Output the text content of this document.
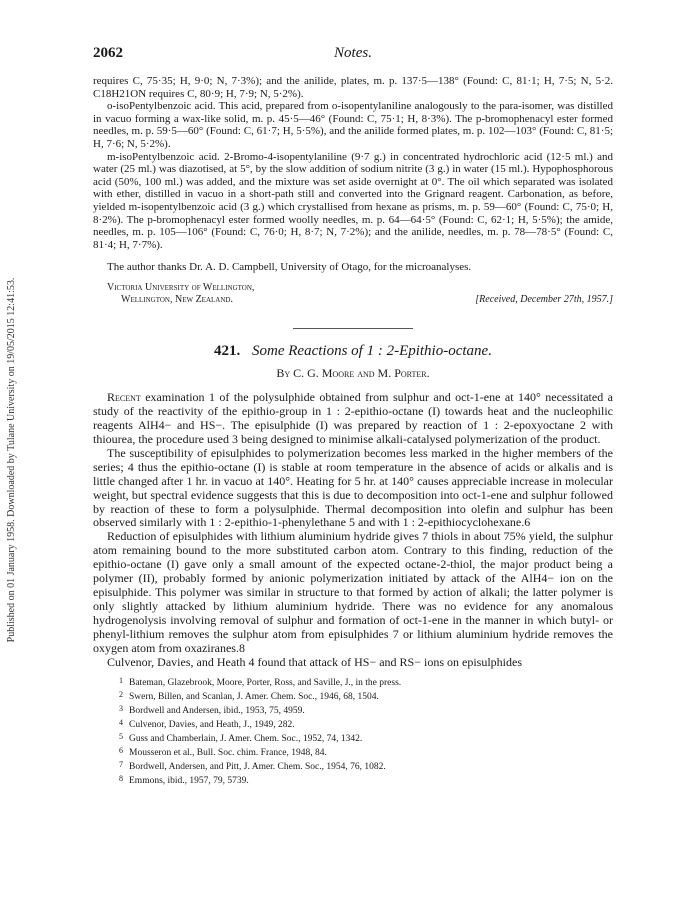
Published on 01 January 1958. Downloaded by Tulane University on 19/05/2015 12:41:53.
2062	Notes.

requires C, 75·35; H, 9·0; N, 7·3%); and the anilide, plates, m. p. 137·5—138° (Found: C, 81·1; H, 7·5; N, 5·2. C18H21ON requires C, 80·9; H, 7·9; N, 5·2%).

o-isoPentylbenzoic acid. This acid, prepared from o-isopentylaniline analogously to the para-isomer, was distilled in vacuo forming a wax-like solid, m. p. 45·5—46° (Found: C, 75·1; H, 8·3%). The p-bromophenacyl ester formed needles, m. p. 59·5—60° (Found: C, 61·7; H, 5·5%), and the anilide formed plates, m. p. 102—103° (Found: C, 81·5; H, 7·6; N, 5·2%).

m-isoPentylbenzoic acid. 2-Bromo-4-isopentylaniline (9·7 g.) in concentrated hydrochloric acid (12·5 ml.) and water (25 ml.) was diazotised, at 5°, by the slow addition of sodium nitrite (3 g.) in water (15 ml.). Hypophosphorous acid (50%, 100 ml.) was added, and the mixture was set aside overnight at 0°. The oil which separated was isolated with ether, distilled in vacuo in a short-path still and converted into the Grignard reagent. Carbonation, as before, yielded m-isopentylbenzoic acid (3 g.) which crystallised from hexane as prisms, m. p. 59—60° (Found: C, 75·0; H, 8·2%). The p-bromophenacyl ester formed woolly needles, m. p. 64—64·5° (Found: C, 62·1; H, 5·5%); the amide, needles, m. p. 105—106° (Found: C, 76·0; H, 8·7; N, 7·2%); and the anilide, needles, m. p. 78—78·5° (Found: C, 81·4; H, 7·7%).

The author thanks Dr. A. D. Campbell, University of Otago, for the microanalyses.
Victoria University of Wellington,
Wellington, New Zealand.	[Received, December 27th, 1957.]
421. Some Reactions of 1 : 2-Epithio-octane.
By C. G. Moore and M. Porter.

Recent examination 1 of the polysulphide obtained from sulphur and oct-1-ene at 140° necessitated a study of the reactivity of the epithio-group in 1 : 2-epithio-octane (I) towards heat and the nucleophilic reagents AlH4− and HS−. The episulphide (I) was prepared by reaction of 1 : 2-epoxyoctane 2 with thiourea, the procedure used 3 being designed to minimise alkali-catalysed polymerization of the product.

The susceptibility of episulphides to polymerization becomes less marked in the higher members of the series; 4 thus the epithio-octane (I) is stable at room temperature in the absence of acids or alkalis and is little changed after 1 hr. in vacuo at 140°. Heating for 5 hr. at 140° causes appreciable increase in molecular weight, but spectral evidence suggests that this is due to decomposition into oct-1-ene and sulphur followed by reaction of these to form a polysulphide. Thermal decomposition into olefin and sulphur has been observed similarly with 1 : 2-epithio-1-phenylethane 5 and with 1 : 2-epithiocyclohexane.6

Reduction of episulphides with lithium aluminium hydride gives 7 thiols in about 75% yield, the sulphur atom remaining bound to the more substituted carbon atom. Contrary to this finding, reduction of the epithio-octane (I) gave only a small amount of the expected octane-2-thiol, the major product being a polymer (II), probably formed by anionic polymerization initiated by attack of the AlH4− ion on the episulphide. This polymer was similar in structure to that formed by action of alkali; the latter polymer is only slightly attacked by lithium aluminium hydride. There was no evidence for any anomalous hydrogenolysis involving removal of sulphur and formation of oct-1-ene in the manner in which butyl- or phenyl-lithium removes the sulphur atom from episulphides 7 or lithium aluminium hydride removes the oxygen atom from oxaziranes.8

Culvenor, Davies, and Heath 4 found that attack of HS− and RS− ions on episulphides

1 Bateman, Glazebrook, Moore, Porter, Ross, and Saville, J., in the press.
2 Swern, Billen, and Scanlan, J. Amer. Chem. Soc., 1946, 68, 1504.
3 Bordwell and Andersen, ibid., 1953, 75, 4959.
4 Culvenor, Davies, and Heath, J., 1949, 282.
5 Guss and Chamberlain, J. Amer. Chem. Soc., 1952, 74, 1342.
6 Mousseron et al., Bull. Soc. chim. France, 1948, 84.
7 Bordwell, Andersen, and Pitt, J. Amer. Chem. Soc., 1954, 76, 1082.
8 Emmons, ibid., 1957, 79, 5739.
